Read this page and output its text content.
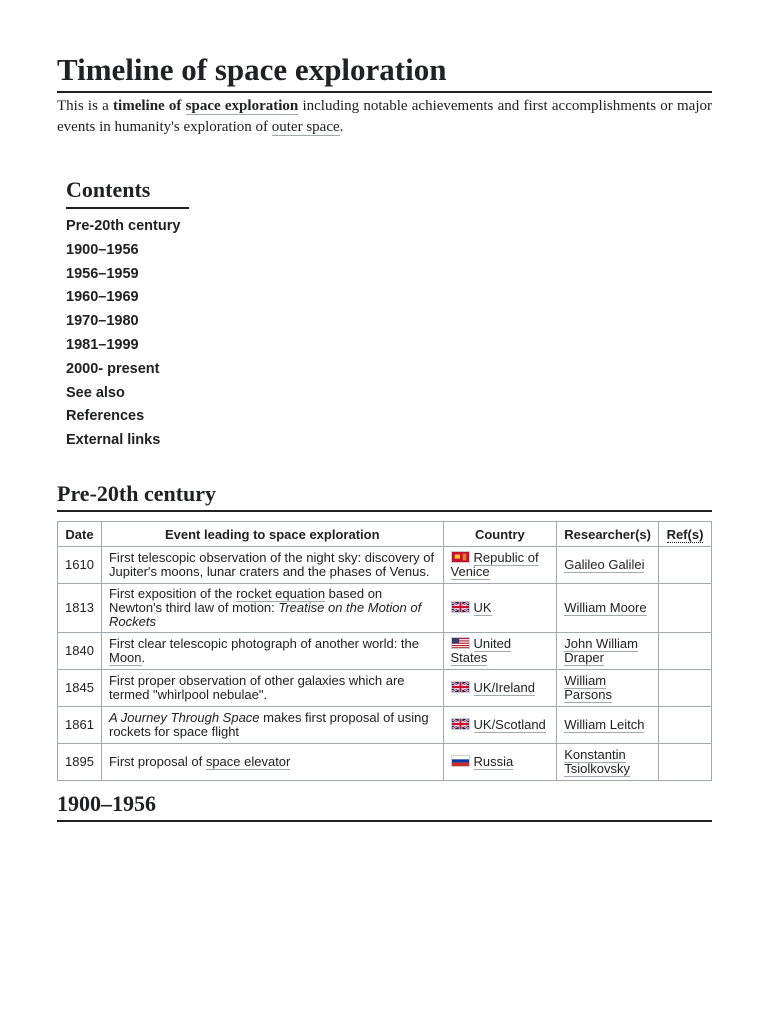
Timeline of space exploration

This is a timeline of space exploration including notable achievements and first accomplishments or major events in humanity's exploration of outer space.

Contents
Pre-20th century
1900–1956
1956–1959
1960–1969
1970–1980
1981–1999
2000- present
See also
References
External links
Pre-20th century
Date	Event leading to space exploration	Country	Researcher(s)	Ref(s)
1610	First telescopic observation of the night sky: discovery of Jupiter's moons, lunar craters and the phases of Venus.	Republic of Venice	Galileo Galilei	
1813	First exposition of the rocket equation based on Newton's third law of motion: Treatise on the Motion of Rockets	UK	William Moore	
1840	First clear telescopic photograph of another world: the Moon.	United States	John William Draper	
1845	First proper observation of other galaxies which are termed "whirlpool nebulae".	UK/Ireland	William Parsons	
1861	A Journey Through Space makes first proposal of using rockets for space flight	UK/Scotland	William Leitch	
1895	First proposal of space elevator	Russia	Konstantin Tsiolkovsky	
1900–1956
